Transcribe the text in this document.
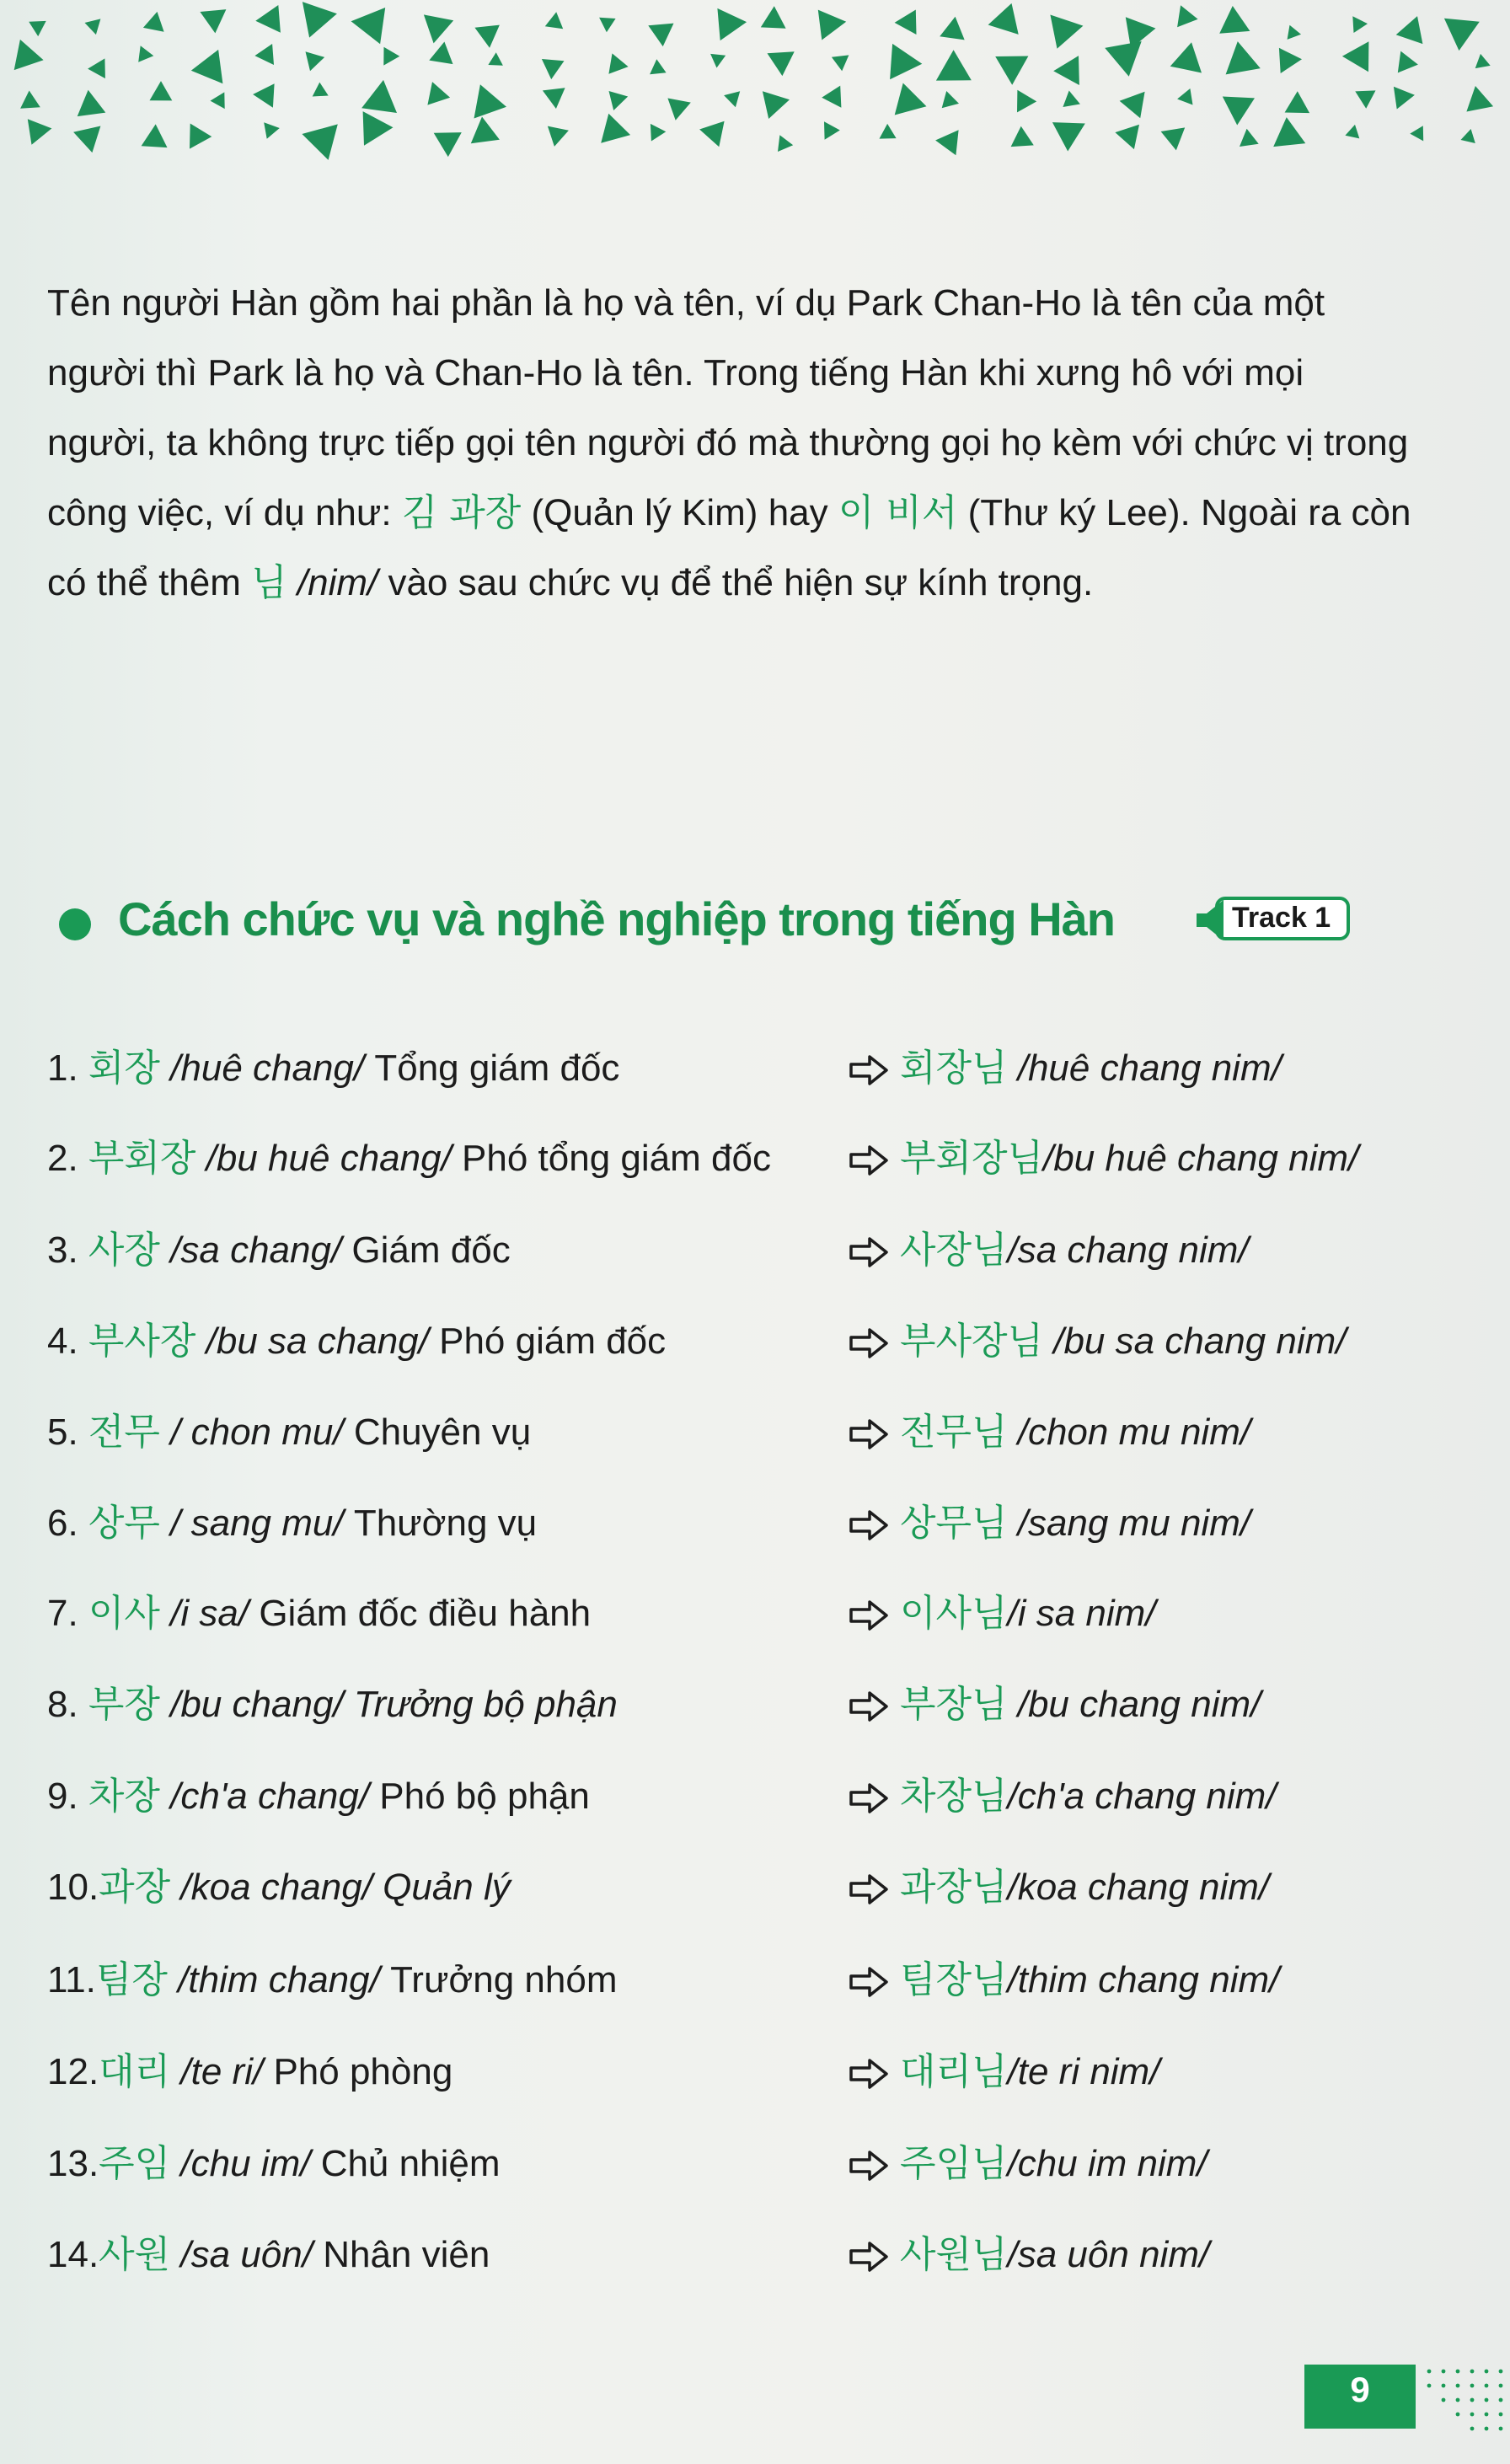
Tên người Hàn gồm hai phần là họ và tên, ví dụ Park Chan-Ho là tên của một người thì Park là họ và Chan-Ho là tên. Trong tiếng Hàn khi xưng hô với mọi người, ta không trực tiếp gọi tên người đó mà thường gọi họ kèm với chức vị trong công việc, ví dụ như: 김 과장 (Quản lý Kim) hay 이 비서 (Thư ký Lee). Ngoài ra còn có thể thêm 님 /nim/ vào sau chức vụ để thể hiện sự kính trọng.
Cách chức vụ và nghề nghiệp trong tiếng Hàn	Track 1
1. 회장 /huê chang/ Tổng giám đốc	회장님 /huê chang nim/
2. 부회장 /bu huê chang/ Phó tổng giám đốc	부회장님/bu huê chang nim/
3. 사장 /sa chang/ Giám đốc	사장님/sa chang nim/
4. 부사장 /bu sa chang/ Phó giám đốc	부사장님 /bu sa chang nim/
5. 전무 / chon mu/ Chuyên vụ	전무님 /chon mu nim/
6. 상무 / sang mu/ Thường vụ	상무님 /sang mu nim/
7. 이사 /i sa/ Giám đốc điều hành	이사님/i sa nim/
8. 부장 /bu chang/ Trưởng bộ phận	부장님 /bu chang nim/
9. 차장 /ch'a chang/ Phó bộ phận	차장님/ch'a chang nim/
10.과장 /koa chang/ Quản lý	과장님/koa chang nim/
11.팀장 /thim chang/ Trưởng nhóm	팀장님/thim chang nim/
12.대리 /te ri/ Phó phòng	대리님/te ri nim/
13.주임 /chu im/ Chủ nhiệm	주임님/chu im nim/
14.사원 /sa uôn/ Nhân viên	사원님/sa uôn nim/
9
